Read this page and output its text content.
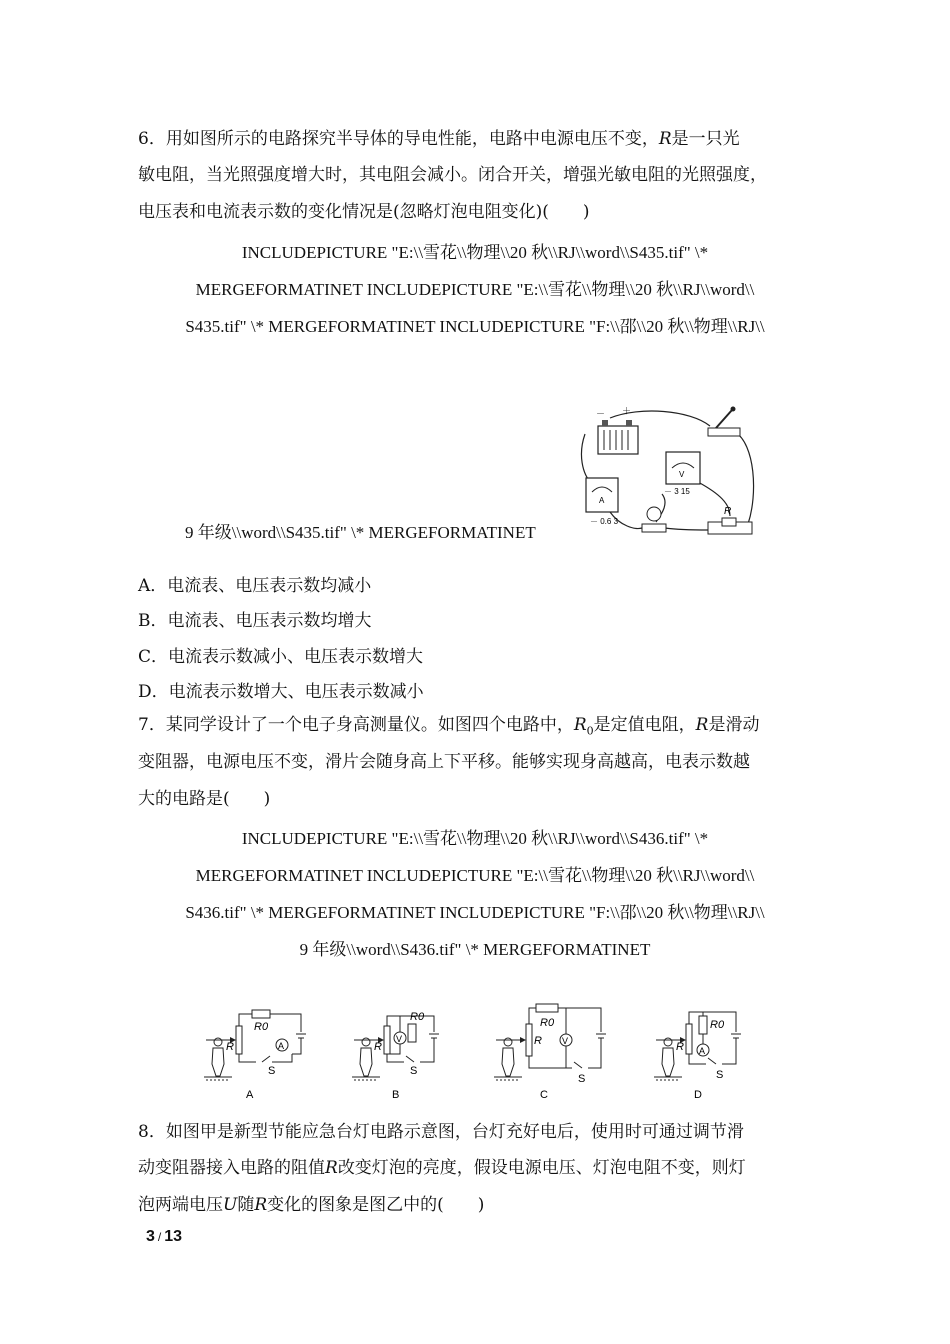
6．用如图所示的电路探究半导体的导电性能，电路中电源电压不变，R是一只光
敏电阻，当光照强度增大时，其电阻会减小。闭合开关，增强光敏电阻的光照强度，
电压表和电流表示数的变化情况是(忽略灯泡电阻变化)(　　)
INCLUDEPICTURE "E:\\雪花\\物理\\20 秋\\RJ\\word\\S435.tif" \*
MERGEFORMATINET INCLUDEPICTURE "E:\\雪花\\物理\\20 秋\\RJ\\word\\
S435.tif" \* MERGEFORMATINET INCLUDEPICTURE "F:\\邵\\20 秋\\物理\\RJ\\
9 年级\\word\\S435.tif" \* MERGEFORMATINET
－ ＋
A
－ 0.6 3
V
－ 3 15
R
A．电流表、电压表示数均减小
B．电流表、电压表示数均增大
C．电流表示数减小、电压表示数增大
D．电流表示数增大、电压表示数减小
7．某同学设计了一个电子身高测量仪。如图四个电路中，$R_0$是定值电阻，R是滑动
变阻器，电源电压不变，滑片会随身高上下平移。能够实现身高越高，电表示数越
大的电路是(　　)
INCLUDEPICTURE "E:\\雪花\\物理\\20 秋\\RJ\\word\\S436.tif" \*
MERGEFORMATINET INCLUDEPICTURE "E:\\雪花\\物理\\20 秋\\RJ\\word\\
S436.tif" \* MERGEFORMATINET INCLUDEPICTURE "F:\\邵\\20 秋\\物理\\RJ\\
9 年级\\word\\S436.tif" \* MERGEFORMATINET
R
R0
A
S
A
R
V
R0
S
B
R
R0
V
S
C
R
R0
A
S
D
8．如图甲是新型节能应急台灯电路示意图，台灯充好电后，使用时可通过调节滑
动变阻器接入电路的阻值R改变灯泡的亮度，假设电源电压、灯泡电阻不变，则灯
泡两端电压U随R变化的图象是图乙中的(　　)
3 / 13
